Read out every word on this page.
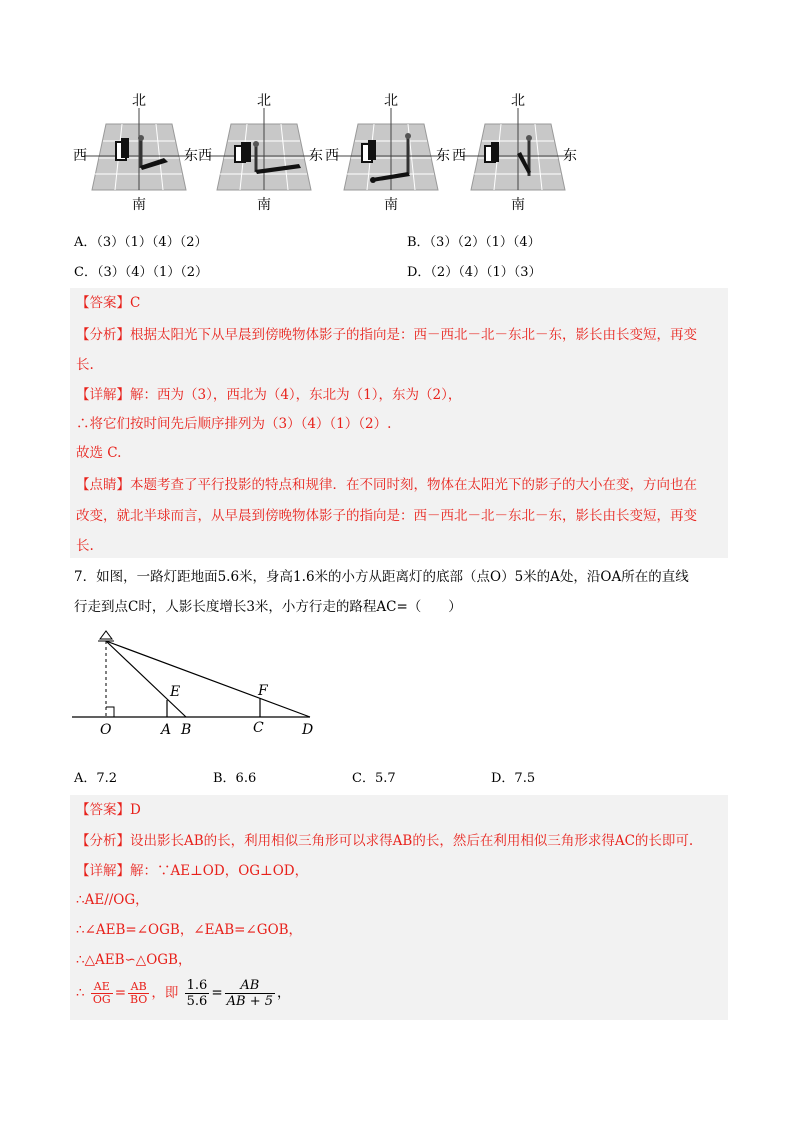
北
西	东
南
北
西	东
南
北
西	东
南
北
西	东
南
A．（3）（1）（4）（2）	B．（3）（2）（1）（4）
C．（3）（4）（1）（2）	D．（2）（4）（1）（3）
【答案】C
【分析】根据太阳光下从早晨到傍晚物体影子的指向是：西－西北－北－东北－东，影长由长变短，再变
长.
【详解】解：西为（3），西北为（4），东北为（1），东为（2），
∴将它们按时间先后顺序排列为（3）（4）（1）（2）.
故选 C.
【点睛】本题考查了平行投影的特点和规律．在不同时刻，物体在太阳光下的影子的大小在变，方向也在
改变，就北半球而言，从早晨到傍晚物体影子的指向是：西－西北－北－东北－东，影长由长变短，再变
长.
7．如图，一路灯距地面5.6米，身高1.6米的小方从距离灯的底部（点O）5米的A处，沿OA所在的直线
行走到点C时，人影长度增长3米，小方行走的路程AC=（　　）
O	A B	C	D
E	F
A．7.2	B．6.6	C．5.7	D．7.5
【答案】D
【分析】设出影长AB的长，利用相似三角形可以求得AB的长，然后在利用相似三角形求得AC的长即可.
【详解】解：∵AE⊥OD，OG⊥OD，
∴AE//OG，
∴∠AEB=∠OGB，∠EAB=∠GOB，
∴△AEB∽△OGB，
∴ $\frac{AE}{OG} = \frac{AB}{BO}$ ，即 $\frac{1.6}{5.6} = \frac{AB}{AB + 5}$ ，
